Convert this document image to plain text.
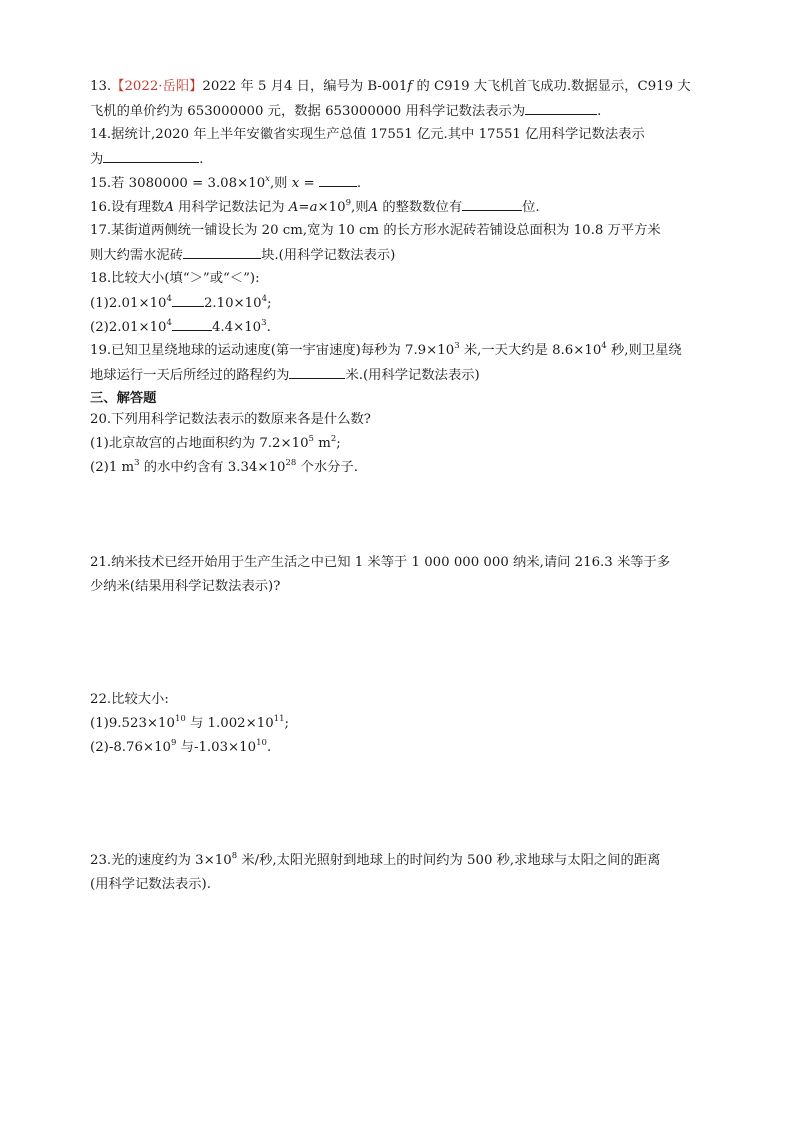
13.【2022·岳阳】2022 年 5 月4 日，编号为 B-001f 的 C919 大飞机首飞成功.数据显示，C919 大
飞机的单价约为 653000000 元，数据 653000000 用科学记数法表示为	.
14.据统计,2020 年上半年安徽省实现生产总值 17551 亿元.其中 17551 亿用科学记数法表示
为	.
15.若 $3080000 = 3.08\times 10^x$,则 x =	.
16.设有理数A 用科学记数法记为 $A=a\times 10^9$,则A 的整数数位有	位.
17.某街道两侧统一铺设长为 20 cm,宽为 10 cm 的长方形水泥砖若铺设总面积为 10.8 万平方米
则大约需水泥砖	块.(用科学记数法表示)
18.比较大小(填“＞”或“＜”):
$(1)2.01\times 10^4$ $2.10\times 10^4$;
$(2)2.01\times 10^4$	$4.4\times 10^3$.
19.已知卫星绕地球的运动速度(第一宇宙速度)每秒为 $7.9\times 10^3$ 米,一天大约是 $8.6\times 10^4$ 秒,则卫星绕
地球运行一天后所经过的路程约为	米.(用科学记数法表示)
三、解答题
20.下列用科学记数法表示的数原来各是什么数?
(1)北京故宫的占地面积约为 $7.2\times 10^5$ $m^2$;
(2)1 $m^3$ 的水中约含有 $3.34\times 10^{28}$ 个水分子.
21.纳米技术已经开始用于生产生活之中已知 1 米等于 1 000 000 000 纳米,请问 216.3 米等于多
少纳米(结果用科学记数法表示)?
22.比较大小:
$(1)9.523\times 10^{10}$ 与 $1.002\times 10^{11}$;
$(2)-8.76\times 10^9$ 与$-1.03\times 10^{10}$.
23.光的速度约为 $3\times 10^8$ 米/秒,太阳光照射到地球上的时间约为 500 秒,求地球与太阳之间的距离
(用科学记数法表示).
